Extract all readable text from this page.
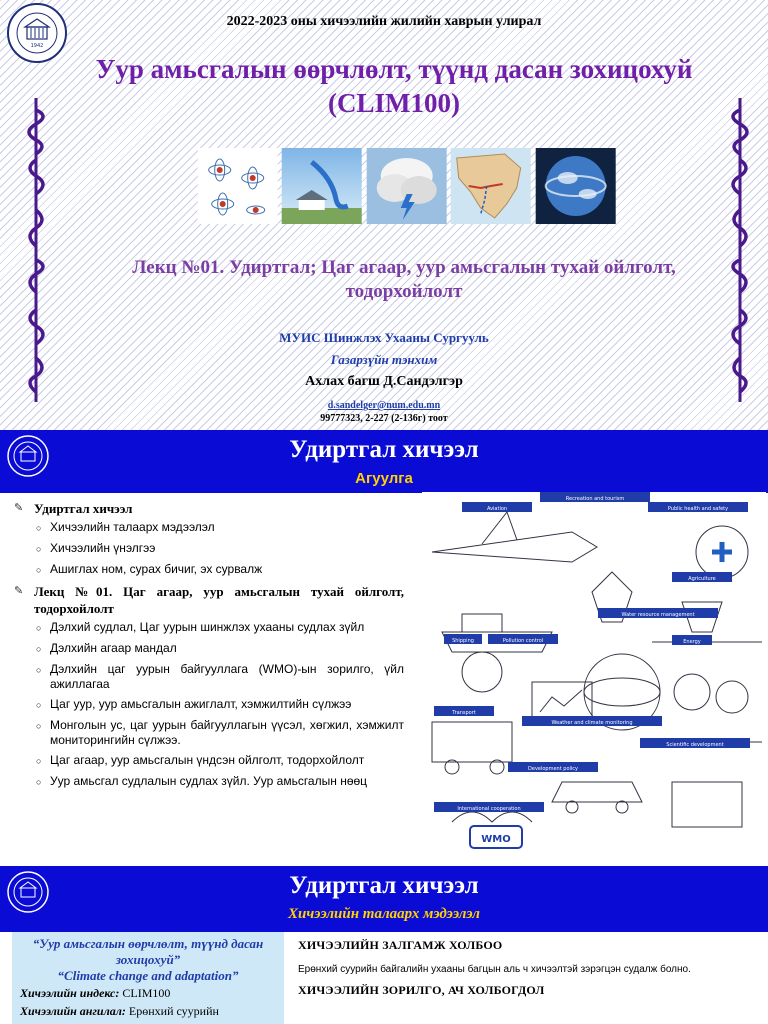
1942
2022-2023 оны хичээлийн жилийн хаврын улирал
Уур амьсгалын өөрчлөлт, түүнд дасан зохицохуй (CLIM100)
Лекц №01. Удиртгал; Цаг агаар, уур амьсгалын тухай ойлголт, тодорхойлолт
МУИС Шинжлэх Ухааны Сургууль
Газарзүйн тэнхим
Ахлах багш Д.Сандэлгэр
d.sandelger@num.edu.mn
99777323, 2-227 (2-136г) тоот
Удиртгал хичээл
Агуулга
✎ Удиртгал хичээл
○ Хичээлийн талаарх мэдээлэл
○ Хичээлийн үнэлгээ
○ Ашиглах ном, сурах бичиг, эх сурвалж
✎ Лекц №01. Цаг агаар, уур амьсгалын тухай ойлголт, тодорхойлолт
○ Дэлхий судлал, Цаг уурын шинжлэх ухааны судлах зүйл
○ Дэлхийн агаар мандал
○ Дэлхийн цаг уурын байгууллага (WMO)-ын зорилго, үйл ажиллагаа
○ Цаг уур, уур амьсгалын ажиглалт, хэмжилтийн сүлжээ
○ Монголын ус, цаг уурын байгууллагын үүсэл, хөгжил, хэмжилт мониторингийн сүлжээ.
○ Цаг агаар, уур амьсгалын үндсэн ойлголт, тодорхойлолт
○ Уур амьсгал судлалын судлах зүйл. Уур амьсгалын нөөц
Recreation and tourism
Aviation	Public health and safety
Agriculture
Water resource management
Shipping	Pollution control	Energy
Transport
Weather and climate monitoring
Scientific development
Development policy
International cooperation
WMO
Удиртгал хичээл
Хичээлийн талаарх мэдээлэл
“Уур амьсгалын өөрчлөлт, түүнд дасан зохицохуй”
“Climate change and adaptation”
Хичээлийн индекс: CLIM100
Хичээлийн ангилал: Ерөнхий суурийн
ХИЧЭЭЛИЙН ЗАЛГАМЖ ХОЛБОО
Ерөнхий суурийн байгалийн ухааны багцын аль ч хичээлтэй зэрэгцэн судалж болно.
ХИЧЭЭЛИЙН ЗОРИЛГО, АЧ ХОЛБОГДОЛ
